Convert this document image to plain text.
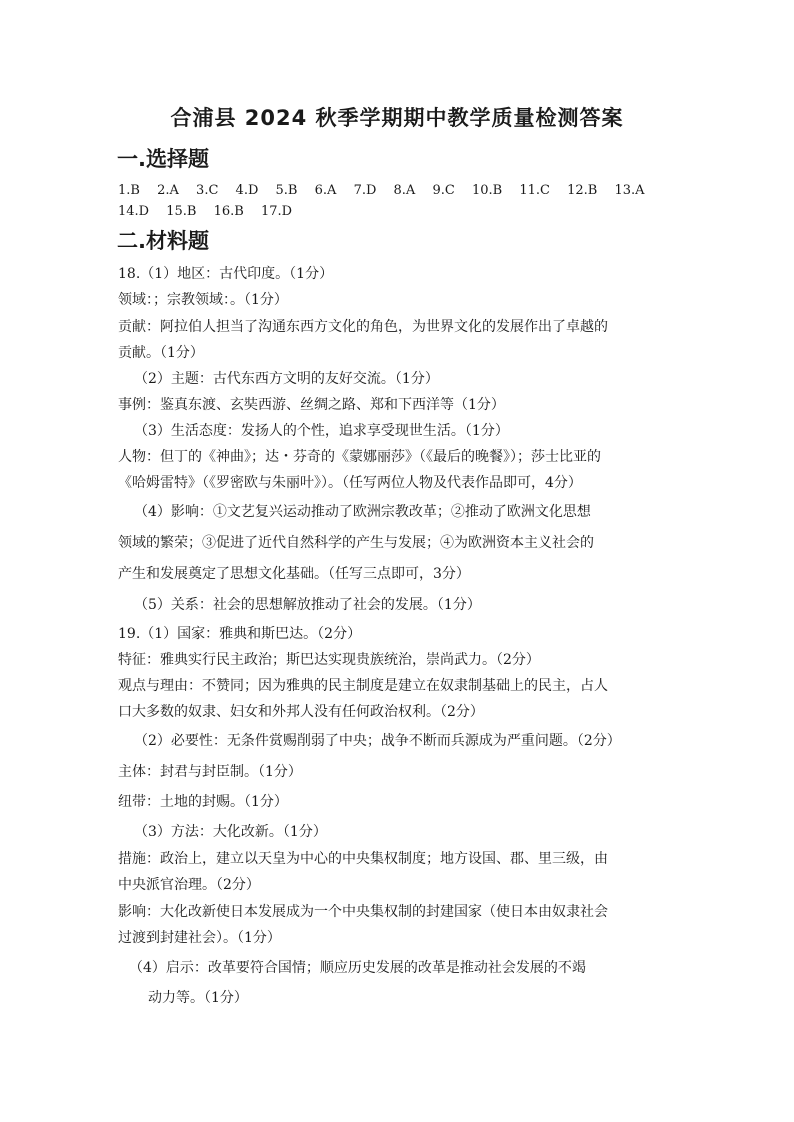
合浦县 2024 秋季学期期中教学质量检测答案
一.选择题
1.B 2.A 3.C 4.D 5.B 6.A 7.D 8.A 9.C 10.B 11.C 12.B 13.A
14.D 15.B 16.B 17.D
二.材料题
18.（1）地区：古代印度。（1分）
领域：；宗教领域：。（1分）
贡献：阿拉伯人担当了沟通东西方文化的角色，为世界文化的发展作出了卓越的
贡献。（1分）
（2）主题：古代东西方文明的友好交流。（1分）
事例：鉴真东渡、玄奘西游、丝绸之路、郑和下西洋等（1分）
（3）生活态度：发扬人的个性，追求享受现世生活。（1分）
人物：但丁的《神曲》；达・芬奇的《蒙娜丽莎》（《最后的晚餐》）；莎士比亚的
《哈姆雷特》（《罗密欧与朱丽叶》）。（任写两位人物及代表作品即可，4分）
（4）影响：①文艺复兴运动推动了欧洲宗教改革；②推动了欧洲文化思想
领域的繁荣；③促进了近代自然科学的产生与发展；④为欧洲资本主义社会的
产生和发展奠定了思想文化基础。（任写三点即可，3分）
（5）关系：社会的思想解放推动了社会的发展。（1分）
19.（1）国家：雅典和斯巴达。（2分）
特征：雅典实行民主政治；斯巴达实现贵族统治，崇尚武力。（2分）
观点与理由：不赞同；因为雅典的民主制度是建立在奴隶制基础上的民主，占人
口大多数的奴隶、妇女和外邦人没有任何政治权利。（2分）
（2）必要性：无条件赏赐削弱了中央；战争不断而兵源成为严重问题。（2分）
主体：封君与封臣制。（1分）
纽带：土地的封赐。（1分）
（3）方法：大化改新。（1分）
措施：政治上，建立以天皇为中心的中央集权制度；地方设国、郡、里三级，由
中央派官治理。（2分）
影响：大化改新使日本发展成为一个中央集权制的封建国家（使日本由奴隶社会
过渡到封建社会）。（1分）
（4）启示：改革要符合国情；顺应历史发展的改革是推动社会发展的不竭
动力等。（1分）
